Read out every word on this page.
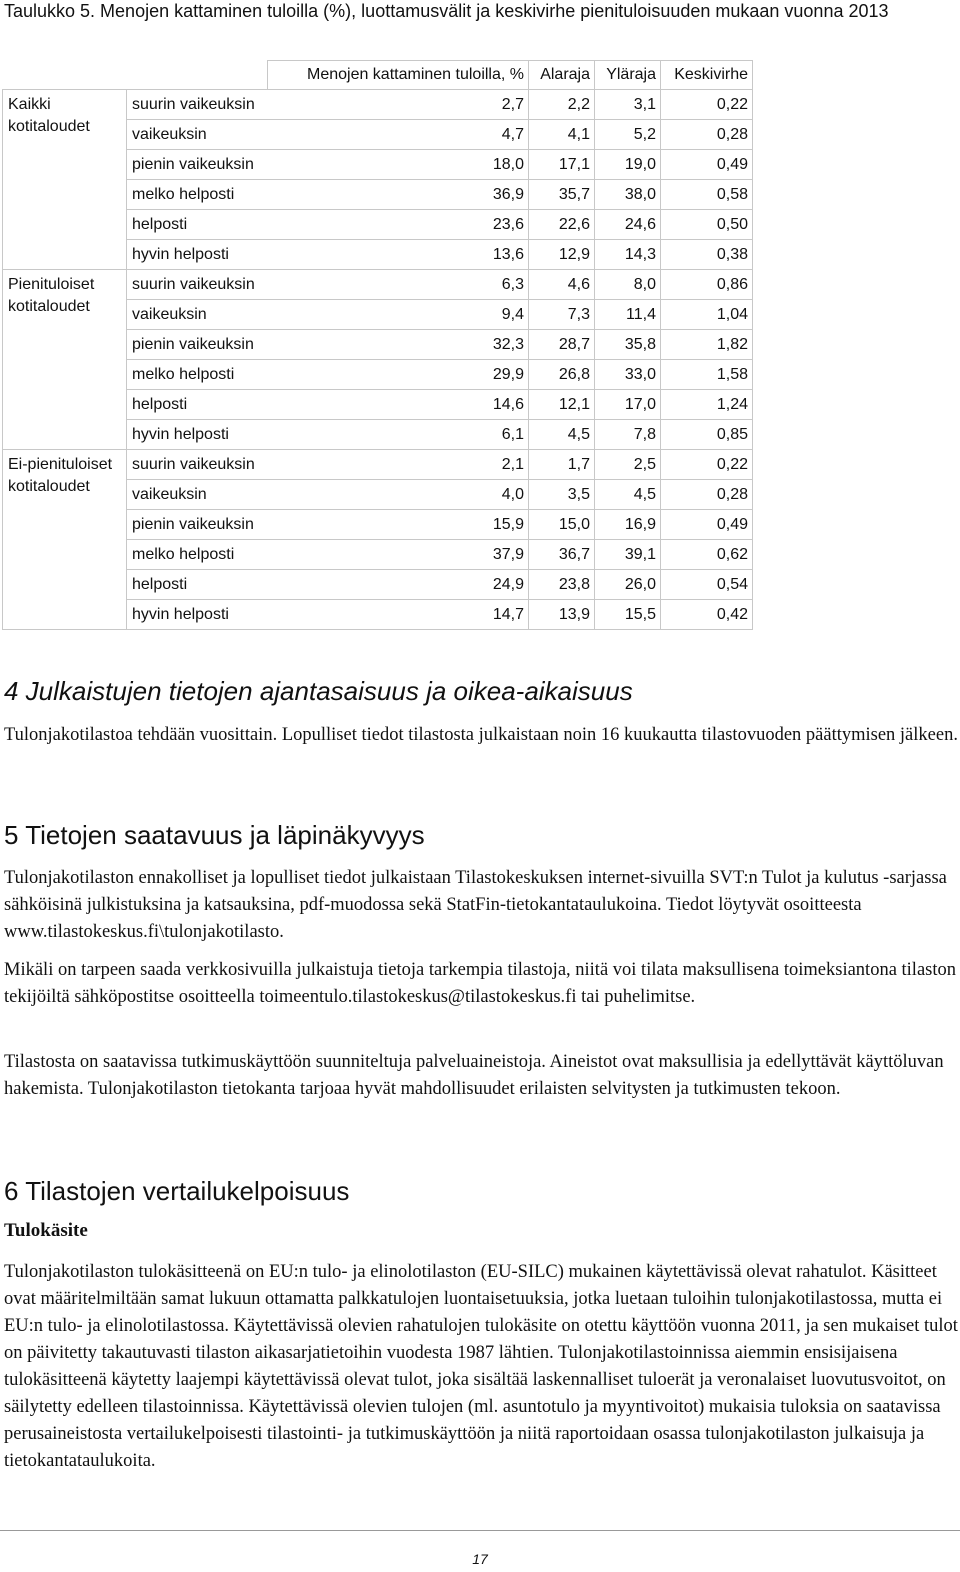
Taulukko 5. Menojen kattaminen tuloilla (%), luottamusvälit ja keskivirhe pienituloisuuden mukaan vuonna 2013
		Menojen kattaminen tuloilla, %	Alaraja	Yläraja	Keskivirhe
Kaikki kotitaloudet	suurin vaikeuksin	2,7	2,2	3,1	0,22
	vaikeuksin	4,7	4,1	5,2	0,28
	pienin vaikeuksin	18,0	17,1	19,0	0,49
	melko helposti	36,9	35,7	38,0	0,58
	helposti	23,6	22,6	24,6	0,50
	hyvin helposti	13,6	12,9	14,3	0,38
Pienituloiset kotitaloudet	suurin vaikeuksin	6,3	4,6	8,0	0,86
	vaikeuksin	9,4	7,3	11,4	1,04
	pienin vaikeuksin	32,3	28,7	35,8	1,82
	melko helposti	29,9	26,8	33,0	1,58
	helposti	14,6	12,1	17,0	1,24
	hyvin helposti	6,1	4,5	7,8	0,85
Ei-pienituloiset kotitaloudet	suurin vaikeuksin	2,1	1,7	2,5	0,22
	vaikeuksin	4,0	3,5	4,5	0,28
	pienin vaikeuksin	15,9	15,0	16,9	0,49
	melko helposti	37,9	36,7	39,1	0,62
	helposti	24,9	23,8	26,0	0,54
	hyvin helposti	14,7	13,9	15,5	0,42
4 Julkaistujen tietojen ajantasaisuus ja oikea-aikaisuus

Tulonjakotilastoa tehdään vuosittain. Lopulliset tiedot tilastosta julkaistaan noin 16 kuukautta tilastovuoden päättymisen jälkeen.

5 Tietojen saatavuus ja läpinäkyvyys

Tulonjakotilaston ennakolliset ja lopulliset tiedot julkaistaan Tilastokeskuksen internet-sivuilla SVT:n Tulot ja kulutus -sarjassa sähköisinä julkistuksina ja katsauksina, pdf-muodossa sekä StatFin-tietokantataulukoina. Tiedot löytyvät osoitteesta www.tilastokeskus.fi\tulonjakotilasto.

Mikäli on tarpeen saada verkkosivuilla julkaistuja tietoja tarkempia tilastoja, niitä voi tilata maksullisena toimeksiantona tilaston tekijöiltä sähköpostitse osoitteella toimeentulo.tilastokeskus@tilastokeskus.fi tai puhelimitse.

Tilastosta on saatavissa tutkimuskäyttöön suunniteltuja palveluaineistoja. Aineistot ovat maksullisia ja edellyttävät käyttöluvan hakemista. Tulonjakotilaston tietokanta tarjoaa hyvät mahdollisuudet erilaisten selvitysten ja tutkimusten tekoon.

6 Tilastojen vertailukelpoisuus
Tulokäsite

Tulonjakotilaston tulokäsitteenä on EU:n tulo- ja elinolotilaston (EU-SILC) mukainen käytettävissä olevat rahatulot. Käsitteet ovat määritelmiltään samat lukuun ottamatta palkkatulojen luontaisetuuksia, jotka luetaan tuloihin tulonjakotilastossa, mutta ei EU:n tulo- ja elinolotilastossa. Käytettävissä olevien rahatulojen tulokäsite on otettu käyttöön vuonna 2011, ja sen mukaiset tulot on päivitetty takautuvasti tilaston aikasarjatietoihin vuodesta 1987 lähtien. Tulonjakotilastoinnissa aiemmin ensisijaisena tulokäsitteenä käytetty laajempi käytettävissä olevat tulot, joka sisältää laskennalliset tuloerät ja veronalaiset luovutusvoitot, on säilytetty edelleen tilastoinnissa. Käytettävissä olevien tulojen (ml. asuntotulo ja myyntivoitot) mukaisia tuloksia on saatavissa perusaineistosta vertailukelpoisesti tilastointi- ja tutkimuskäyttöön ja niitä raportoidaan osassa tulonjakotilaston julkaisuja ja tietokantataulukoita.

17
